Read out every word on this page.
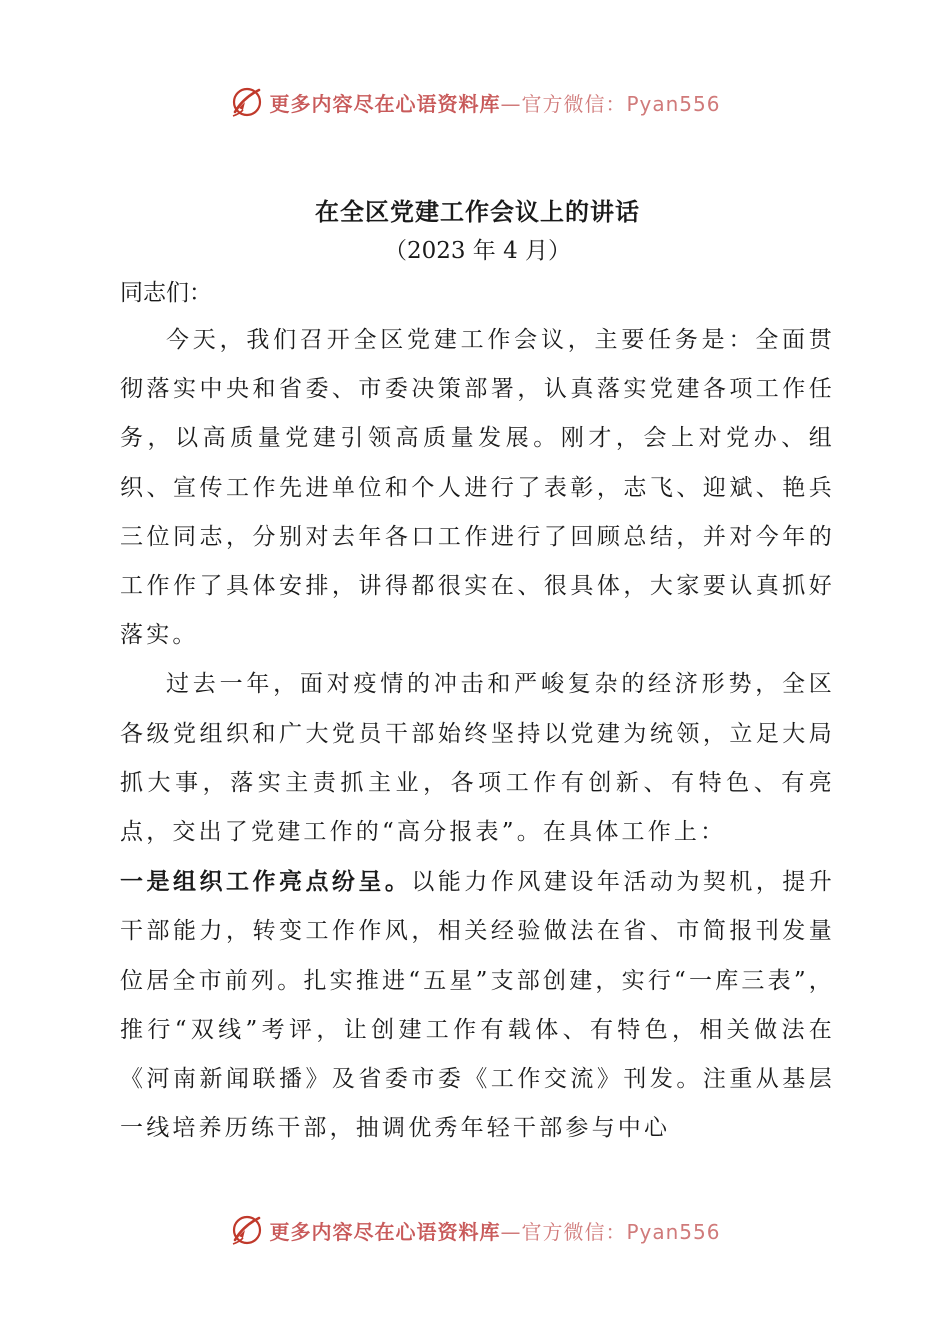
更多内容尽在心语资料库—官方微信：Pyan556
在全区党建工作会议上的讲话

（2023 年 4 月）

同志们：

今天，我们召开全区党建工作会议，主要任务是：全面贯彻落实中央和省委、市委决策部署，认真落实党建各项工作任务，以高质量党建引领高质量发展。刚才，会上对党办、组织、宣传工作先进单位和个人进行了表彰，志飞、迎斌、艳兵三位同志，分别对去年各口工作进行了回顾总结，并对今年的工作作了具体安排，讲得都很实在、很具体，大家要认真抓好落实。

过去一年，面对疫情的冲击和严峻复杂的经济形势，全区各级党组织和广大党员干部始终坚持以党建为统领，立足大局抓大事，落实主责抓主业，各项工作有创新、有特色、有亮点，交出了党建工作的“高分报表”。在具体工作上：

一是组织工作亮点纷呈。以能力作风建设年活动为契机，提升干部能力，转变工作作风，相关经验做法在省、市简报刊发量位居全市前列。扎实推进“五星”支部创建，实行“一库三表”，推行“双线”考评，让创建工作有载体、有特色，相关做法在《河南新闻联播》及省委市委《工作交流》刊发。注重从基层一线培养历练干部，抽调优秀年轻干部参与中心

更多内容尽在心语资料库—官方微信：Pyan556
